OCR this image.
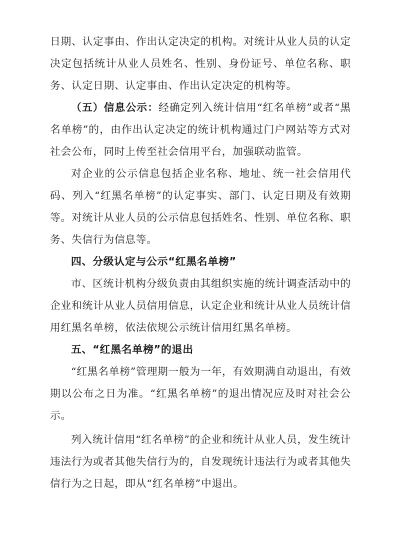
日期、认定事由、作出认定决定的机构。对统计从业人员的认定决定包括统计从业人员姓名、性别、身份证号、单位名称、职务、认定日期、认定事由、作出认定决定的机构等。

（五）信息公示：经确定列入统计信用“红名单榜”或者“黑名单榜”的，由作出认定决定的统计机构通过门户网站等方式对社会公布，同时上传至社会信用平台，加强联动监管。

对企业的公示信息包括企业名称、地址、统一社会信用代码、列入“红黑名单榜”的认定事实、部门、认定日期及有效期等。对统计从业人员的公示信息包括姓名、性别、单位名称、职务、失信行为信息等。

四、分级认定与公示“红黑名单榜”

市、区统计机构分级负责由其组织实施的统计调查活动中的企业和统计从业人员信用信息，认定企业和统计从业人员统计信用红黑名单榜，依法依规公示统计信用红黑名单榜。

五、“红黑名单榜”的退出

“红黑名单榜”管理期一般为一年，有效期满自动退出，有效期以公布之日为准。“红黑名单榜”的退出情况应及时对社会公示。

列入统计信用“红名单榜”的企业和统计从业人员，发生统计违法行为或者其他失信行为的，自发现统计违法行为或者其他失信行为之日起，即从“红名单榜”中退出。
